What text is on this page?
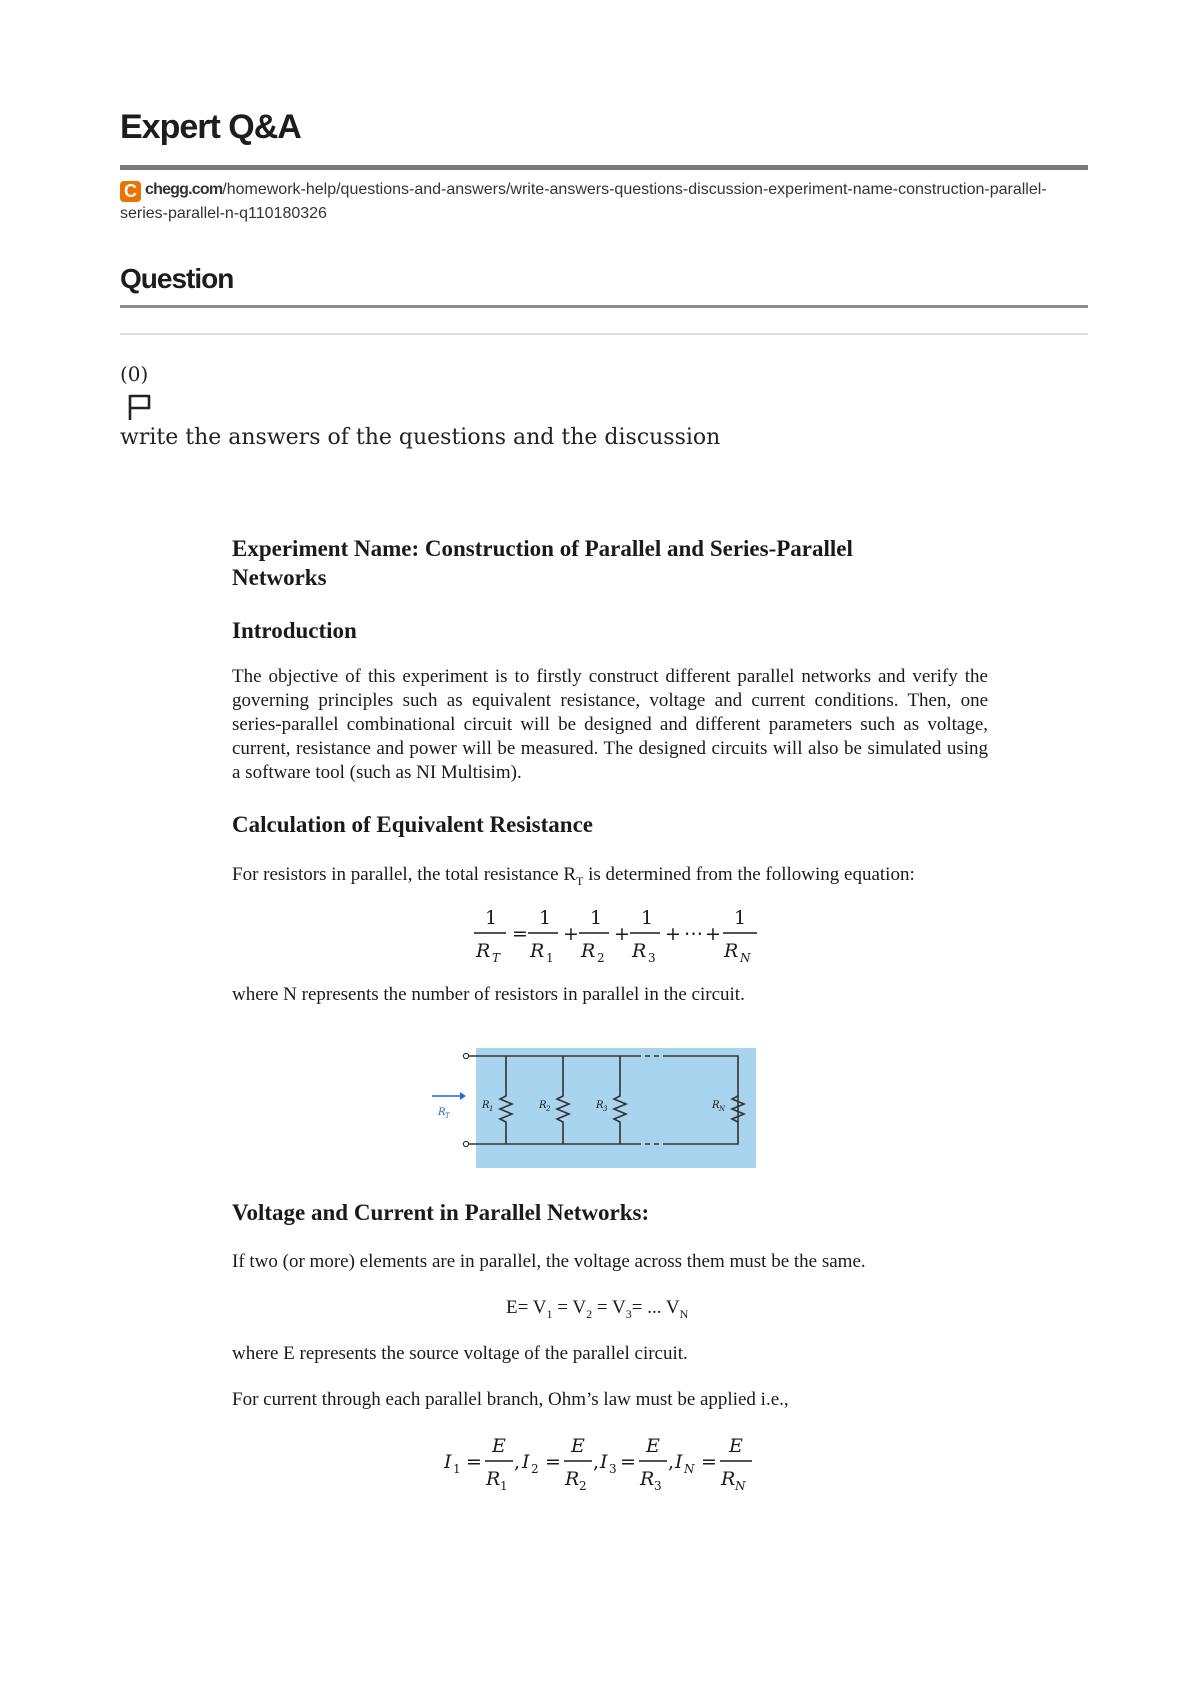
Expert Q&A
C chegg.com/homework-help/questions-and-answers/write-answers-questions-discussion-experiment-name-construction-parallel-series-parallel-n-q110180326
Question
(0)
write the answers of the questions and the discussion
Experiment Name: Construction of Parallel and Series-Parallel Networks
Introduction

The objective of this experiment is to firstly construct different parallel networks and verify the governing principles such as equivalent resistance, voltage and current conditions. Then, one series-parallel combinational circuit will be designed and different parameters such as voltage, current, resistance and power will be measured. The designed circuits will also be simulated using a software tool (such as NI Multisim).

Calculation of Equivalent Resistance

For resistors in parallel, the total resistance $R_T$ is determined from the following equation:

1
R T
=
1
R 1
+
1
R 2
+
1
R 3
+ ⋯ +
1
R N

where N represents the number of resistors in parallel in the circuit.

R T
R 1	R 2	R 3	R N
Voltage and Current in Parallel Networks:

If two (or more) elements are in parallel, the voltage across them must be the same.

$E= V_1 = V_2 = V_3=$ ... $V_N$

where E represents the source voltage of the parallel circuit.

For current through each parallel branch, Ohm’s law must be applied i.e.,

I 1 =
E
R 1
, I 2 =
E
R 2
, I 3 =
E
R 3
, I N =
E
R N
